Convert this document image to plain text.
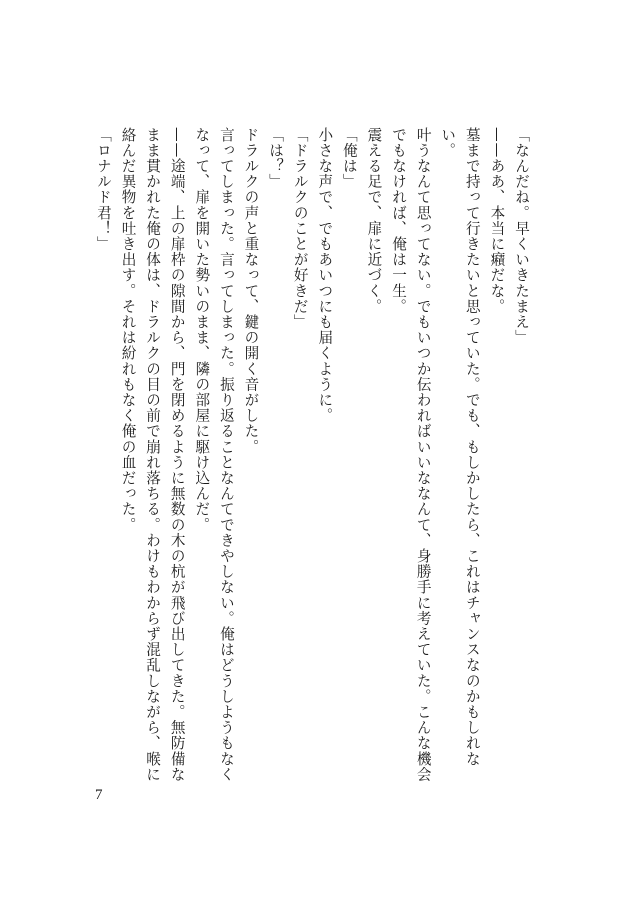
「なんだね。早くいきたまえ」

——ああ、本当に癪だな。

墓まで持って行きたいと思っていた。でも、もしかしたら、これはチャンスなのかもしれない。

叶うなんて思ってない。でもいつか伝わればいいななんて、身勝手に考えていた。こんな機会でもなければ、俺は一生。

震える足で、扉に近づく。

「俺は」

小さな声で、でもあいつにも届くように。

「ドラルクのことが好きだ」

「は？」

ドラルクの声と重なって、鍵の開く音がした。

言ってしまった。言ってしまった。振り返ることなんてできやしない。俺はどうしようもなくなって、扉を開いた勢いのまま、隣の部屋に駆け込んだ。

——途端、上の扉枠の隙間から、門を閉めるように無数の木の杭が飛び出してきた。無防備なまま貫かれた俺の体は、ドラルクの目の前で崩れ落ちる。わけもわからず混乱しながら、喉に絡んだ異物を吐き出す。それは紛れもなく俺の血だった。

「ロナルド君！」

7
